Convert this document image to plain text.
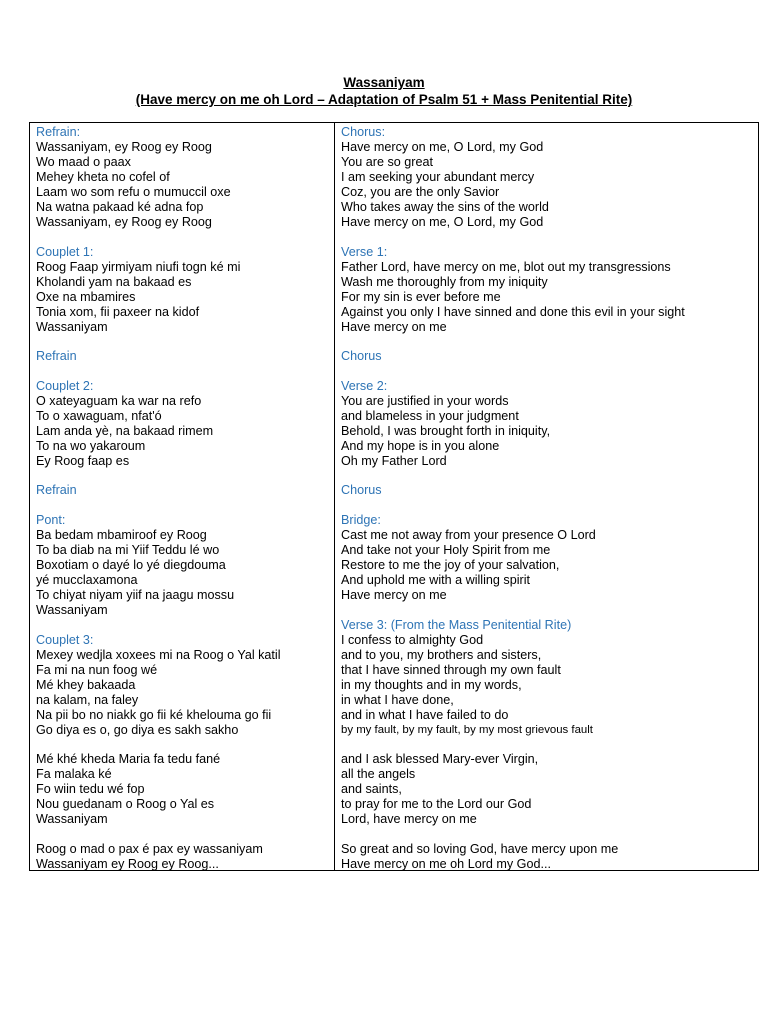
Wassaniyam
(Have mercy on me oh Lord – Adaptation of Psalm 51 + Mass Penitential Rite)
Refrain:
Wassaniyam, ey Roog ey Roog
Wo maad o paax
Mehey kheta no cofel of
Laam wo som refu o mumuccil oxe
Na watna pakaad ké adna fop
Wassaniyam, ey Roog ey Roog
Couplet 1:
Roog Faap yirmiyam niufi togn ké mi
Kholandi yam na bakaad es
Oxe na mbamires
Tonia xom, fii paxeer na kidof
Wassaniyam
Refrain
Couplet 2:
O xateyaguam ka war na refo
To o xawaguam, nfat'ó
Lam anda yè, na bakaad rimem
To na wo yakaroum
Ey Roog faap es
Refrain
Pont:
Ba bedam mbamiroof ey Roog
To ba diab na mi Yiif Teddu lé wo
Boxotiam o dayé lo yé diegdouma
yé mucclaxamona
To chiyat niyam yiif na jaagu mossu
Wassaniyam
Couplet 3:
Mexey wedjla xoxees mi na Roog o Yal katil
Fa mi na nun foog wé
Mé khey bakaada
na kalam, na faley
Na pii bo no niakk go fii ké khelouma go fii
Go diya es o, go diya es sakh sakho
Mé khé kheda Maria fa tedu fané
Fa malaka ké
Fo wiin tedu wé fop
Nou guedanam o Roog o Yal es
Wassaniyam
Roog o mad o pax é pax ey wassaniyam
Wassaniyam ey Roog ey Roog...
Chorus:
Have mercy on me, O Lord, my God
You are so great
I am seeking your abundant mercy
Coz, you are the only Savior
Who takes away the sins of the world
Have mercy on me, O Lord, my God
Verse 1:
Father Lord, have mercy on me, blot out my transgressions
Wash me thoroughly from my iniquity
For my sin is ever before me
Against you only I have sinned and done this evil in your sight
Have mercy on me
Chorus
Verse 2:
You are justified in your words
and blameless in your judgment
Behold, I was brought forth in iniquity,
And my hope is in you alone
Oh my Father Lord
Chorus
Bridge:
Cast me not away from your presence O Lord
And take not your Holy Spirit from me
Restore to me the joy of your salvation,
And uphold me with a willing spirit
Have mercy on me
Verse 3: (From the Mass Penitential Rite)
I confess to almighty God
and to you, my brothers and sisters,
that I have sinned through my own fault
in my thoughts and in my words,
in what I have done,
and in what I have failed to do
by my fault, by my fault, by my most grievous fault
and I ask blessed Mary-ever Virgin,
all the angels
and saints,
to pray for me to the Lord our God
Lord, have mercy on me
So great and so loving God, have mercy upon me
Have mercy on me oh Lord my God...
